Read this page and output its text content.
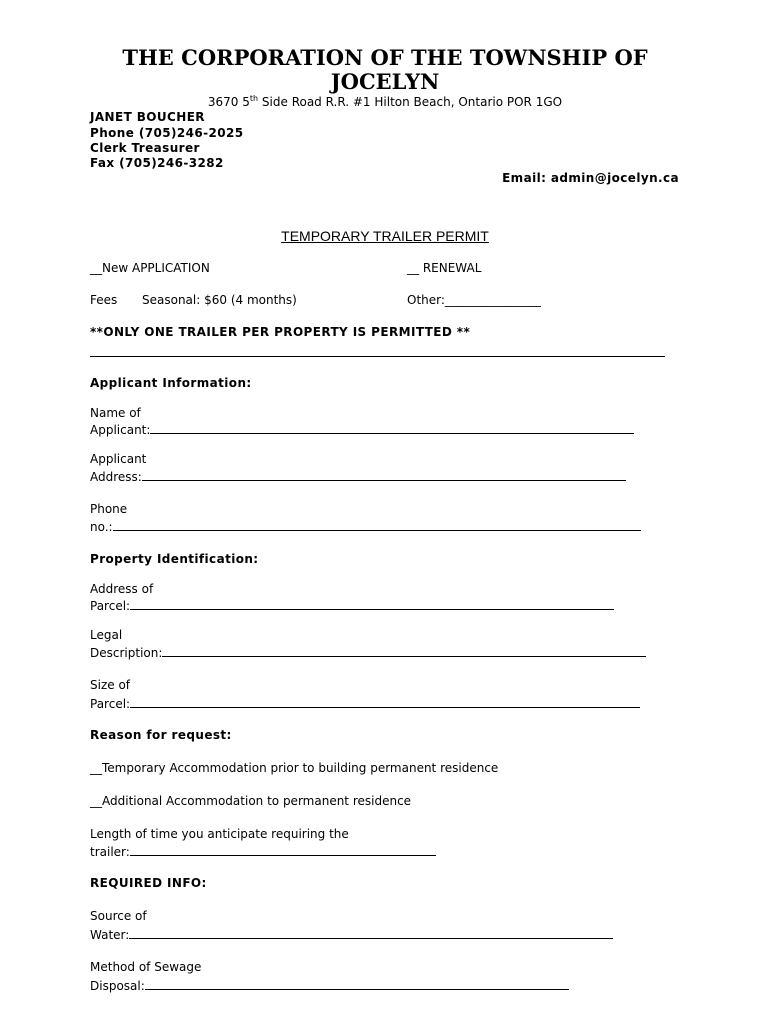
THE CORPORATION OF THE TOWNSHIP OF JOCELYN
3670 5th Side Road R.R. #1 Hilton Beach, Ontario POR 1GO
JANET BOUCHER
Phone (705)246-2025
Clerk Treasurer
Fax (705)246-3282
Email: admin@jocelyn.ca
TEMPORARY TRAILER PERMIT
__New APPLICATION	__ RENEWAL
Fees Seasonal: $60 (4 months)	Other:________________
**ONLY ONE TRAILER PER PROPERTY IS PERMITTED **
Applicant Information:
Name of
Applicant:
Applicant
Address:
Phone
no.:
Property Identification:
Address of
Parcel:
Legal
Description:
Size of
Parcel:
Reason for request:
__Temporary Accommodation prior to building permanent residence
__Additional Accommodation to permanent residence
Length of time you anticipate requiring the
trailer:
REQUIRED INFO:
Source of
Water:
Method of Sewage
Disposal:
